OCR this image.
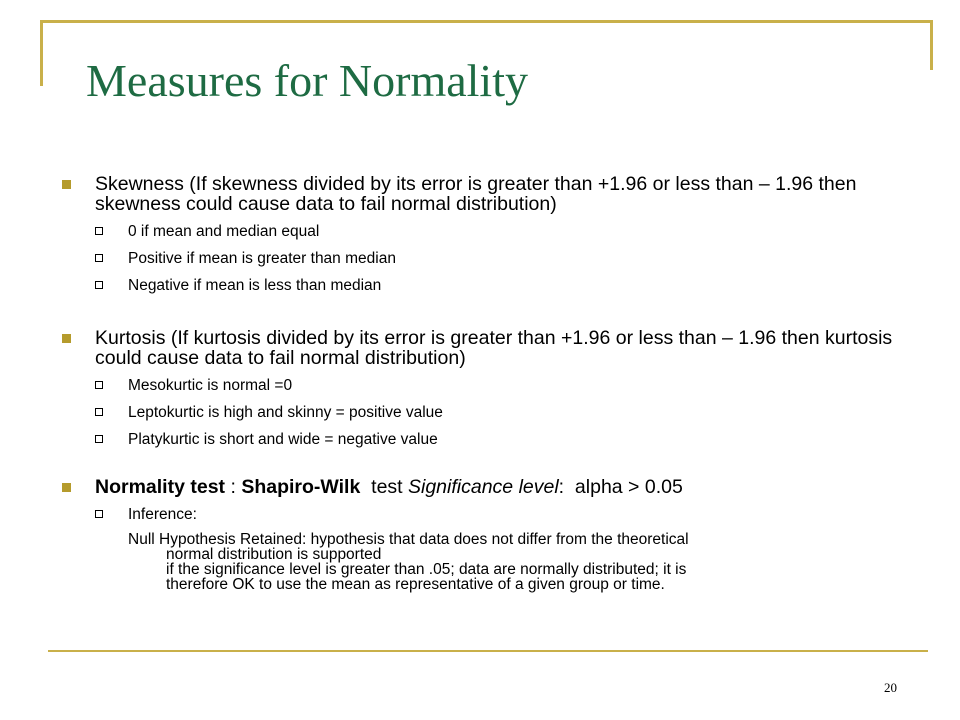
Measures for Normality
Skewness (If skewness divided by its error is greater than +1.96 or less than – 1.96 then skewness could cause data to fail normal distribution)
0 if mean and median equal
Positive if mean is greater than median
Negative if mean is less than median
Kurtosis (If kurtosis divided by its error is greater than +1.96 or less than – 1.96 then kurtosis could cause data to fail normal distribution)
Mesokurtic is normal =0
Leptokurtic is high and skinny = positive value
Platykurtic is short and wide = negative value
Normality test : Shapiro-Wilk  test Significance level:  alpha > 0.05
Inference:
Null Hypothesis Retained: hypothesis that data does not differ from the theoretical
normal distribution is supported
if the significance level is greater than .05; data are normally distributed; it is
therefore OK to use the mean as representative of a given group or time.
20
